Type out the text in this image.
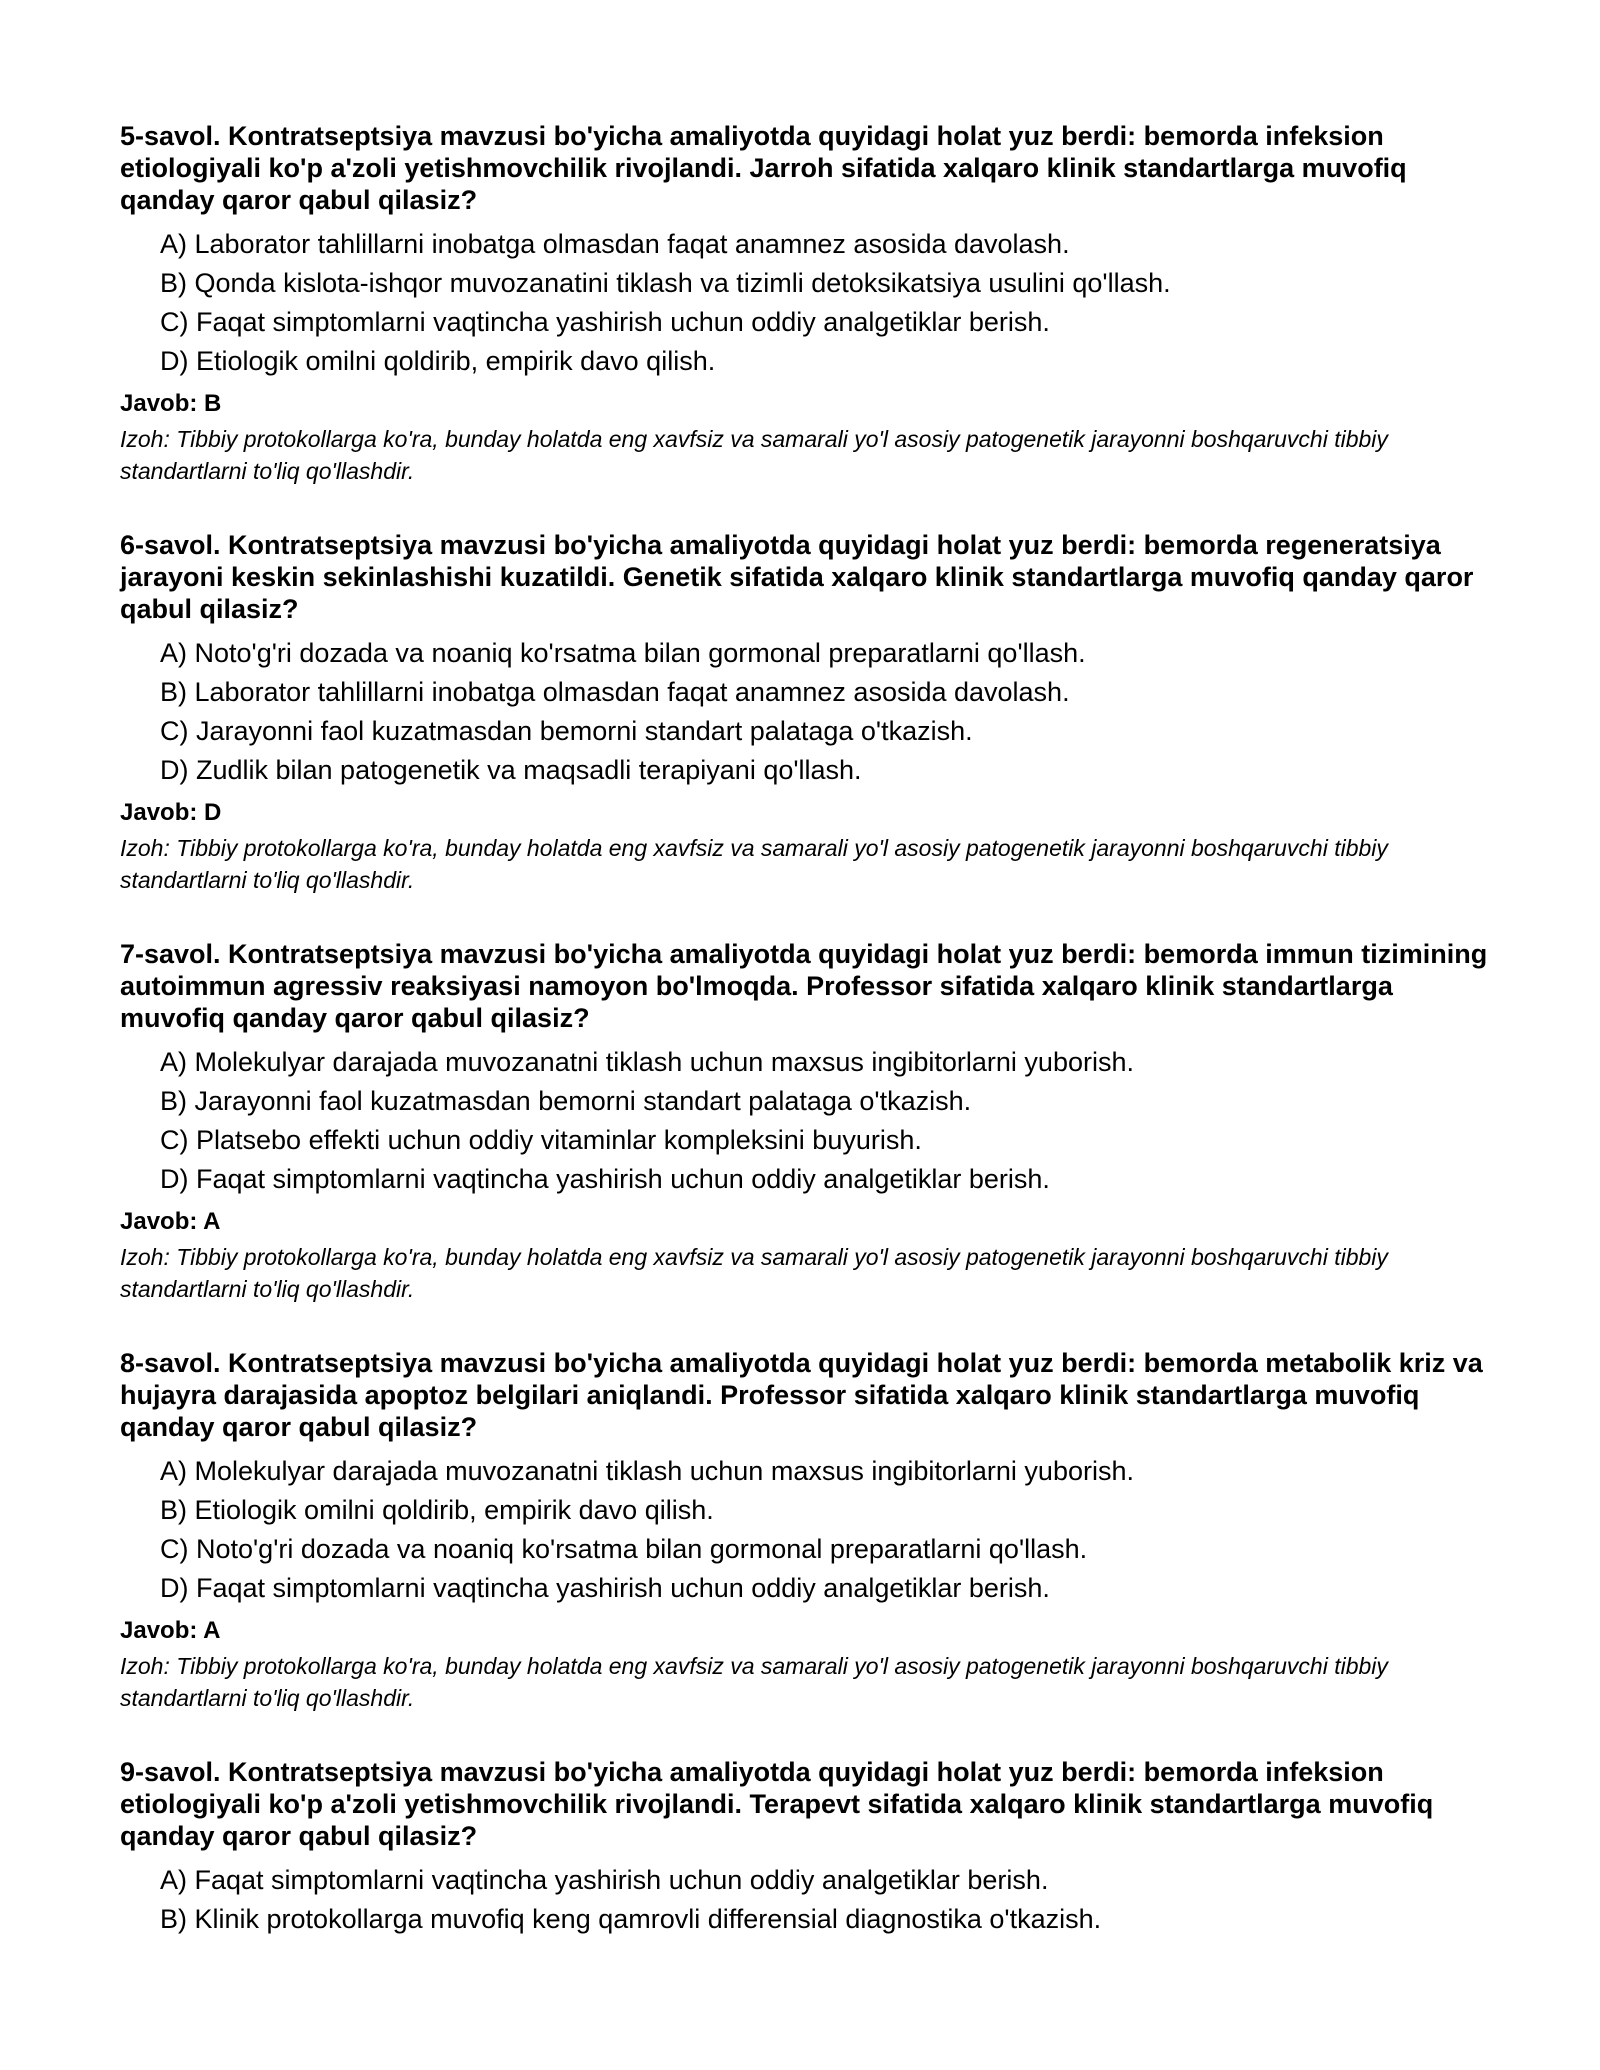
5-savol. Kontratseptsiya mavzusi bo'yicha amaliyotda quyidagi holat yuz berdi: bemorda infeksion etiologiyali ko'p a'zoli yetishmovchilik rivojlandi. Jarroh sifatida xalqaro klinik standartlarga muvofiq qanday qaror qabul qilasiz?

A) Laborator tahlillarni inobatga olmasdan faqat anamnez asosida davolash.
B) Qonda kislota-ishqor muvozanatini tiklash va tizimli detoksikatsiya usulini qo'llash.
C) Faqat simptomlarni vaqtincha yashirish uchun oddiy analgetiklar berish.
D) Etiologik omilni qoldirib, empirik davo qilish.

Javob: B

Izoh: Tibbiy protokollarga ko'ra, bunday holatda eng xavfsiz va samarali yo'l asosiy patogenetik jarayonni boshqaruvchi tibbiy standartlarni to'liq qo'llashdir.

6-savol. Kontratseptsiya mavzusi bo'yicha amaliyotda quyidagi holat yuz berdi: bemorda regeneratsiya jarayoni keskin sekinlashishi kuzatildi. Genetik sifatida xalqaro klinik standartlarga muvofiq qanday qaror qabul qilasiz?

A) Noto'g'ri dozada va noaniq ko'rsatma bilan gormonal preparatlarni qo'llash.
B) Laborator tahlillarni inobatga olmasdan faqat anamnez asosida davolash.
C) Jarayonni faol kuzatmasdan bemorni standart palataga o'tkazish.
D) Zudlik bilan patogenetik va maqsadli terapiyani qo'llash.

Javob: D

Izoh: Tibbiy protokollarga ko'ra, bunday holatda eng xavfsiz va samarali yo'l asosiy patogenetik jarayonni boshqaruvchi tibbiy standartlarni to'liq qo'llashdir.

7-savol. Kontratseptsiya mavzusi bo'yicha amaliyotda quyidagi holat yuz berdi: bemorda immun tizimining autoimmun agressiv reaksiyasi namoyon bo'lmoqda. Professor sifatida xalqaro klinik standartlarga muvofiq qanday qaror qabul qilasiz?

A) Molekulyar darajada muvozanatni tiklash uchun maxsus ingibitorlarni yuborish.
B) Jarayonni faol kuzatmasdan bemorni standart palataga o'tkazish.
C) Platsebo effekti uchun oddiy vitaminlar kompleksini buyurish.
D) Faqat simptomlarni vaqtincha yashirish uchun oddiy analgetiklar berish.

Javob: A

Izoh: Tibbiy protokollarga ko'ra, bunday holatda eng xavfsiz va samarali yo'l asosiy patogenetik jarayonni boshqaruvchi tibbiy standartlarni to'liq qo'llashdir.

8-savol. Kontratseptsiya mavzusi bo'yicha amaliyotda quyidagi holat yuz berdi: bemorda metabolik kriz va hujayra darajasida apoptoz belgilari aniqlandi. Professor sifatida xalqaro klinik standartlarga muvofiq qanday qaror qabul qilasiz?

A) Molekulyar darajada muvozanatni tiklash uchun maxsus ingibitorlarni yuborish.
B) Etiologik omilni qoldirib, empirik davo qilish.
C) Noto'g'ri dozada va noaniq ko'rsatma bilan gormonal preparatlarni qo'llash.
D) Faqat simptomlarni vaqtincha yashirish uchun oddiy analgetiklar berish.

Javob: A

Izoh: Tibbiy protokollarga ko'ra, bunday holatda eng xavfsiz va samarali yo'l asosiy patogenetik jarayonni boshqaruvchi tibbiy standartlarni to'liq qo'llashdir.

9-savol. Kontratseptsiya mavzusi bo'yicha amaliyotda quyidagi holat yuz berdi: bemorda infeksion etiologiyali ko'p a'zoli yetishmovchilik rivojlandi. Terapevt sifatida xalqaro klinik standartlarga muvofiq qanday qaror qabul qilasiz?

A) Faqat simptomlarni vaqtincha yashirish uchun oddiy analgetiklar berish.
B) Klinik protokollarga muvofiq keng qamrovli differensial diagnostika o'tkazish.
